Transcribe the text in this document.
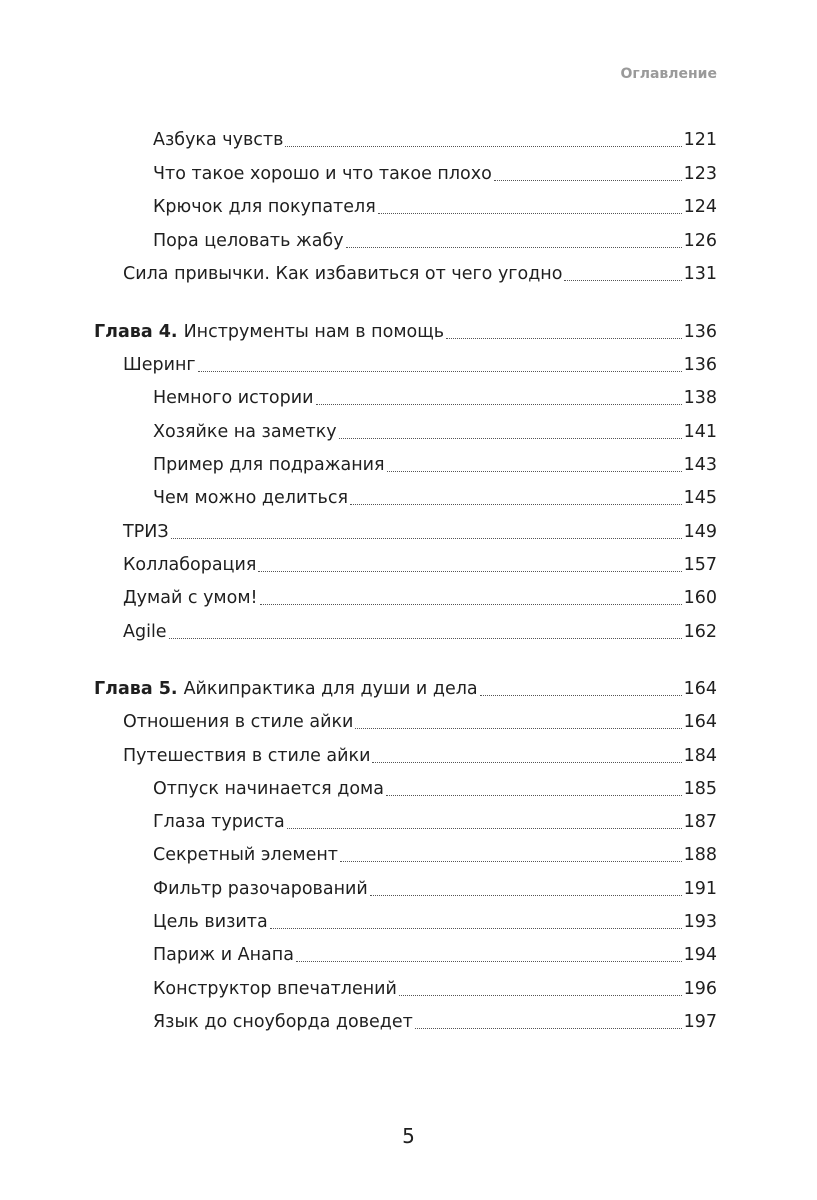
Оглавление
Азбука чувств	121
Что такое хорошо и что такое плохо	123
Крючок для покупателя	124
Пора целовать жабу	126
Сила привычки. Как избавиться от чего угодно	131
Глава 4. Инструменты нам в помощь	136
Шеринг	136
Немного истории	138
Хозяйке на заметку	141
Пример для подражания	143
Чем можно делиться	145
ТРИЗ	149
Коллаборация	157
Думай с умом!	160
Agile	162
Глава 5. Айкипрактика для души и дела	164
Отношения в стиле айки	164
Путешествия в стиле айки	184
Отпуск начинается дома	185
Глаза туриста	187
Секретный элемент	188
Фильтр разочарований	191
Цель визита	193
Париж и Анапа	194
Конструктор впечатлений	196
Язык до сноуборда доведет	197
5
